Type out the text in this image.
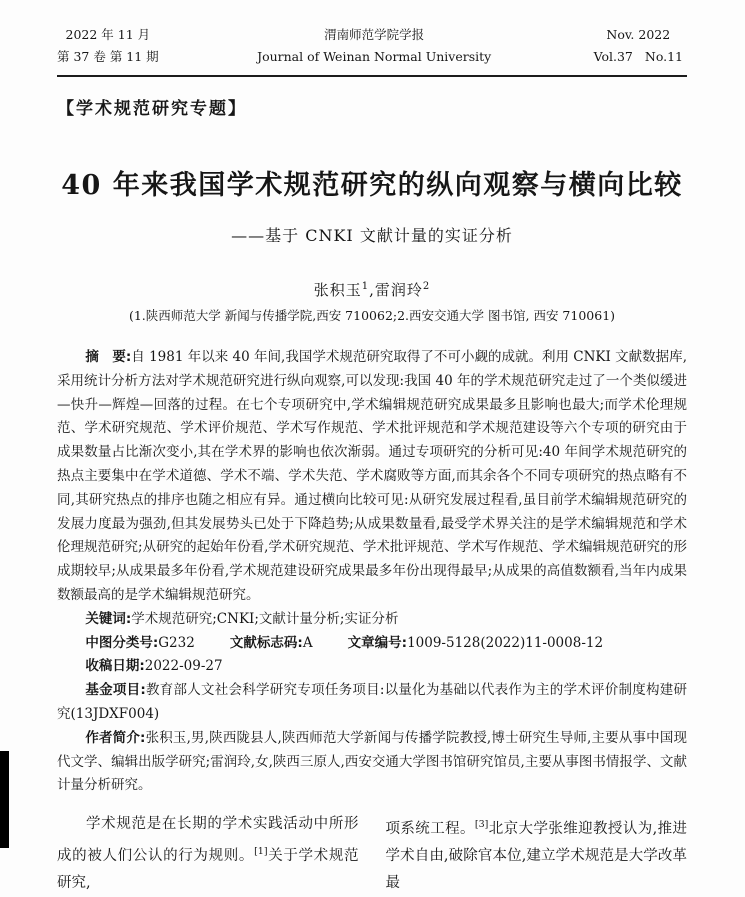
2022 年 11 月
第 37 卷 第 11 期
渭南师范学院学报
Journal of Weinan Normal University
Nov. 2022
Vol.37 No.11
【学术规范研究专题】
40 年来我国学术规范研究的纵向观察与横向比较
——基于 CNKI 文献计量的实证分析
张积玉$^1$,雷润玲$^2$
(1.陕西师范大学 新闻与传播学院,西安 710062;2.西安交通大学 图书馆, 西安 710061)

摘　要:自 1981 年以来 40 年间,我国学术规范研究取得了不可小觑的成就。利用 CNKI 文献数据库,采用统计分析方法对学术规范研究进行纵向观察,可以发现:我国 40 年的学术规范研究走过了一个类似缓进—快升—辉煌—回落的过程。在七个专项研究中,学术编辑规范研究成果最多且影响也最大;而学术伦理规范、学术研究规范、学术评价规范、学术写作规范、学术批评规范和学术规范建设等六个专项的研究由于成果数量占比渐次变小,其在学术界的影响也依次渐弱。通过专项研究的分析可见:40 年间学术规范研究的热点主要集中在学术道德、学术不端、学术失范、学术腐败等方面,而其余各个不同专项研究的热点略有不同,其研究热点的排序也随之相应有异。通过横向比较可见:从研究发展过程看,虽目前学术编辑规范研究的发展力度最为强劲,但其发展势头已处于下降趋势;从成果数量看,最受学术界关注的是学术编辑规范和学术伦理规范研究;从研究的起始年份看,学术研究规范、学术批评规范、学术写作规范、学术编辑规范研究的形成期较早;从成果最多年份看,学术规范建设研究成果最多年份出现得最早;从成果的高值数额看,当年内成果数额最高的是学术编辑规范研究。

关键词:学术规范研究;CNKI;文献计量分析;实证分析

中图分类号:G232	文献标志码:A	文章编号:1009-5128(2022)11-0008-12

收稿日期:2022-09-27

基金项目:教育部人文社会科学研究专项任务项目:以量化为基础以代表作为主的学术评价制度构建研究(13JDXF004)

作者简介:张积玉,男,陕西陇县人,陕西师范大学新闻与传播学院教授,博士研究生导师,主要从事中国现代文学、编辑出版学研究;雷润玲,女,陕西三原人,西安交通大学图书馆研究馆员,主要从事图书情报学、文献计量分析研究。

学术规范是在长期的学术实践活动中所形成的被人们公认的行为规则。[1]关于学术规范研究,

项系统工程。[3]北京大学张维迎教授认为,推进学术自由,破除官本位,建立学术规范是大学改革最
